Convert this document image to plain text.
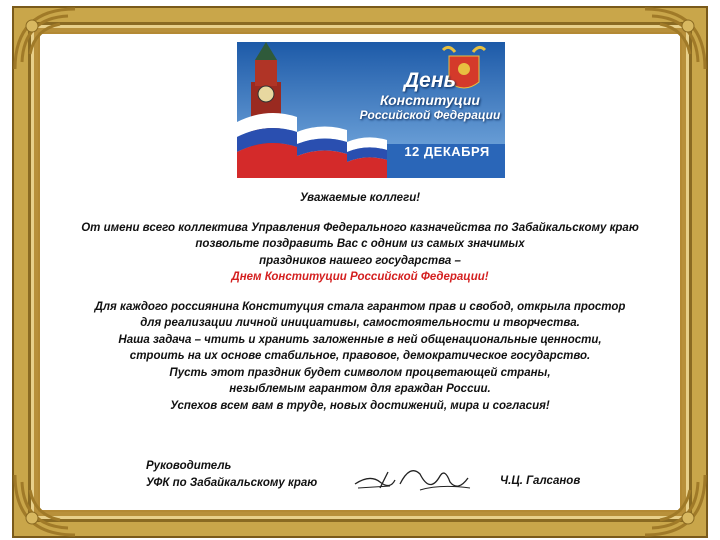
День
Конституции
Российской Федерации
12 ДЕКАБРЯ

Уважаемые коллеги!

От имени всего коллектива Управления Федерального казначейства по Забайкальскому краю

позвольте поздравить Вас с одним из самых значимых

праздников нашего государства –

Днем Конституции Российской Федерации!

Для каждого россиянина Конституция стала гарантом прав и свобод, открыла простор

для реализации личной инициативы, самостоятельности и творчества.

Наша задача – чтить и хранить заложенные в ней общенациональные ценности,

строить на их основе стабильное, правовое, демократическое государство.

Пусть этот праздник будет символом процветающей страны,

незыблемым гарантом для граждан России.

Успехов всем вам в труде, новых достижений, мира и согласия!

Руководитель
УФК по Забайкальскому краю	Ч.Ц. Галсанов
